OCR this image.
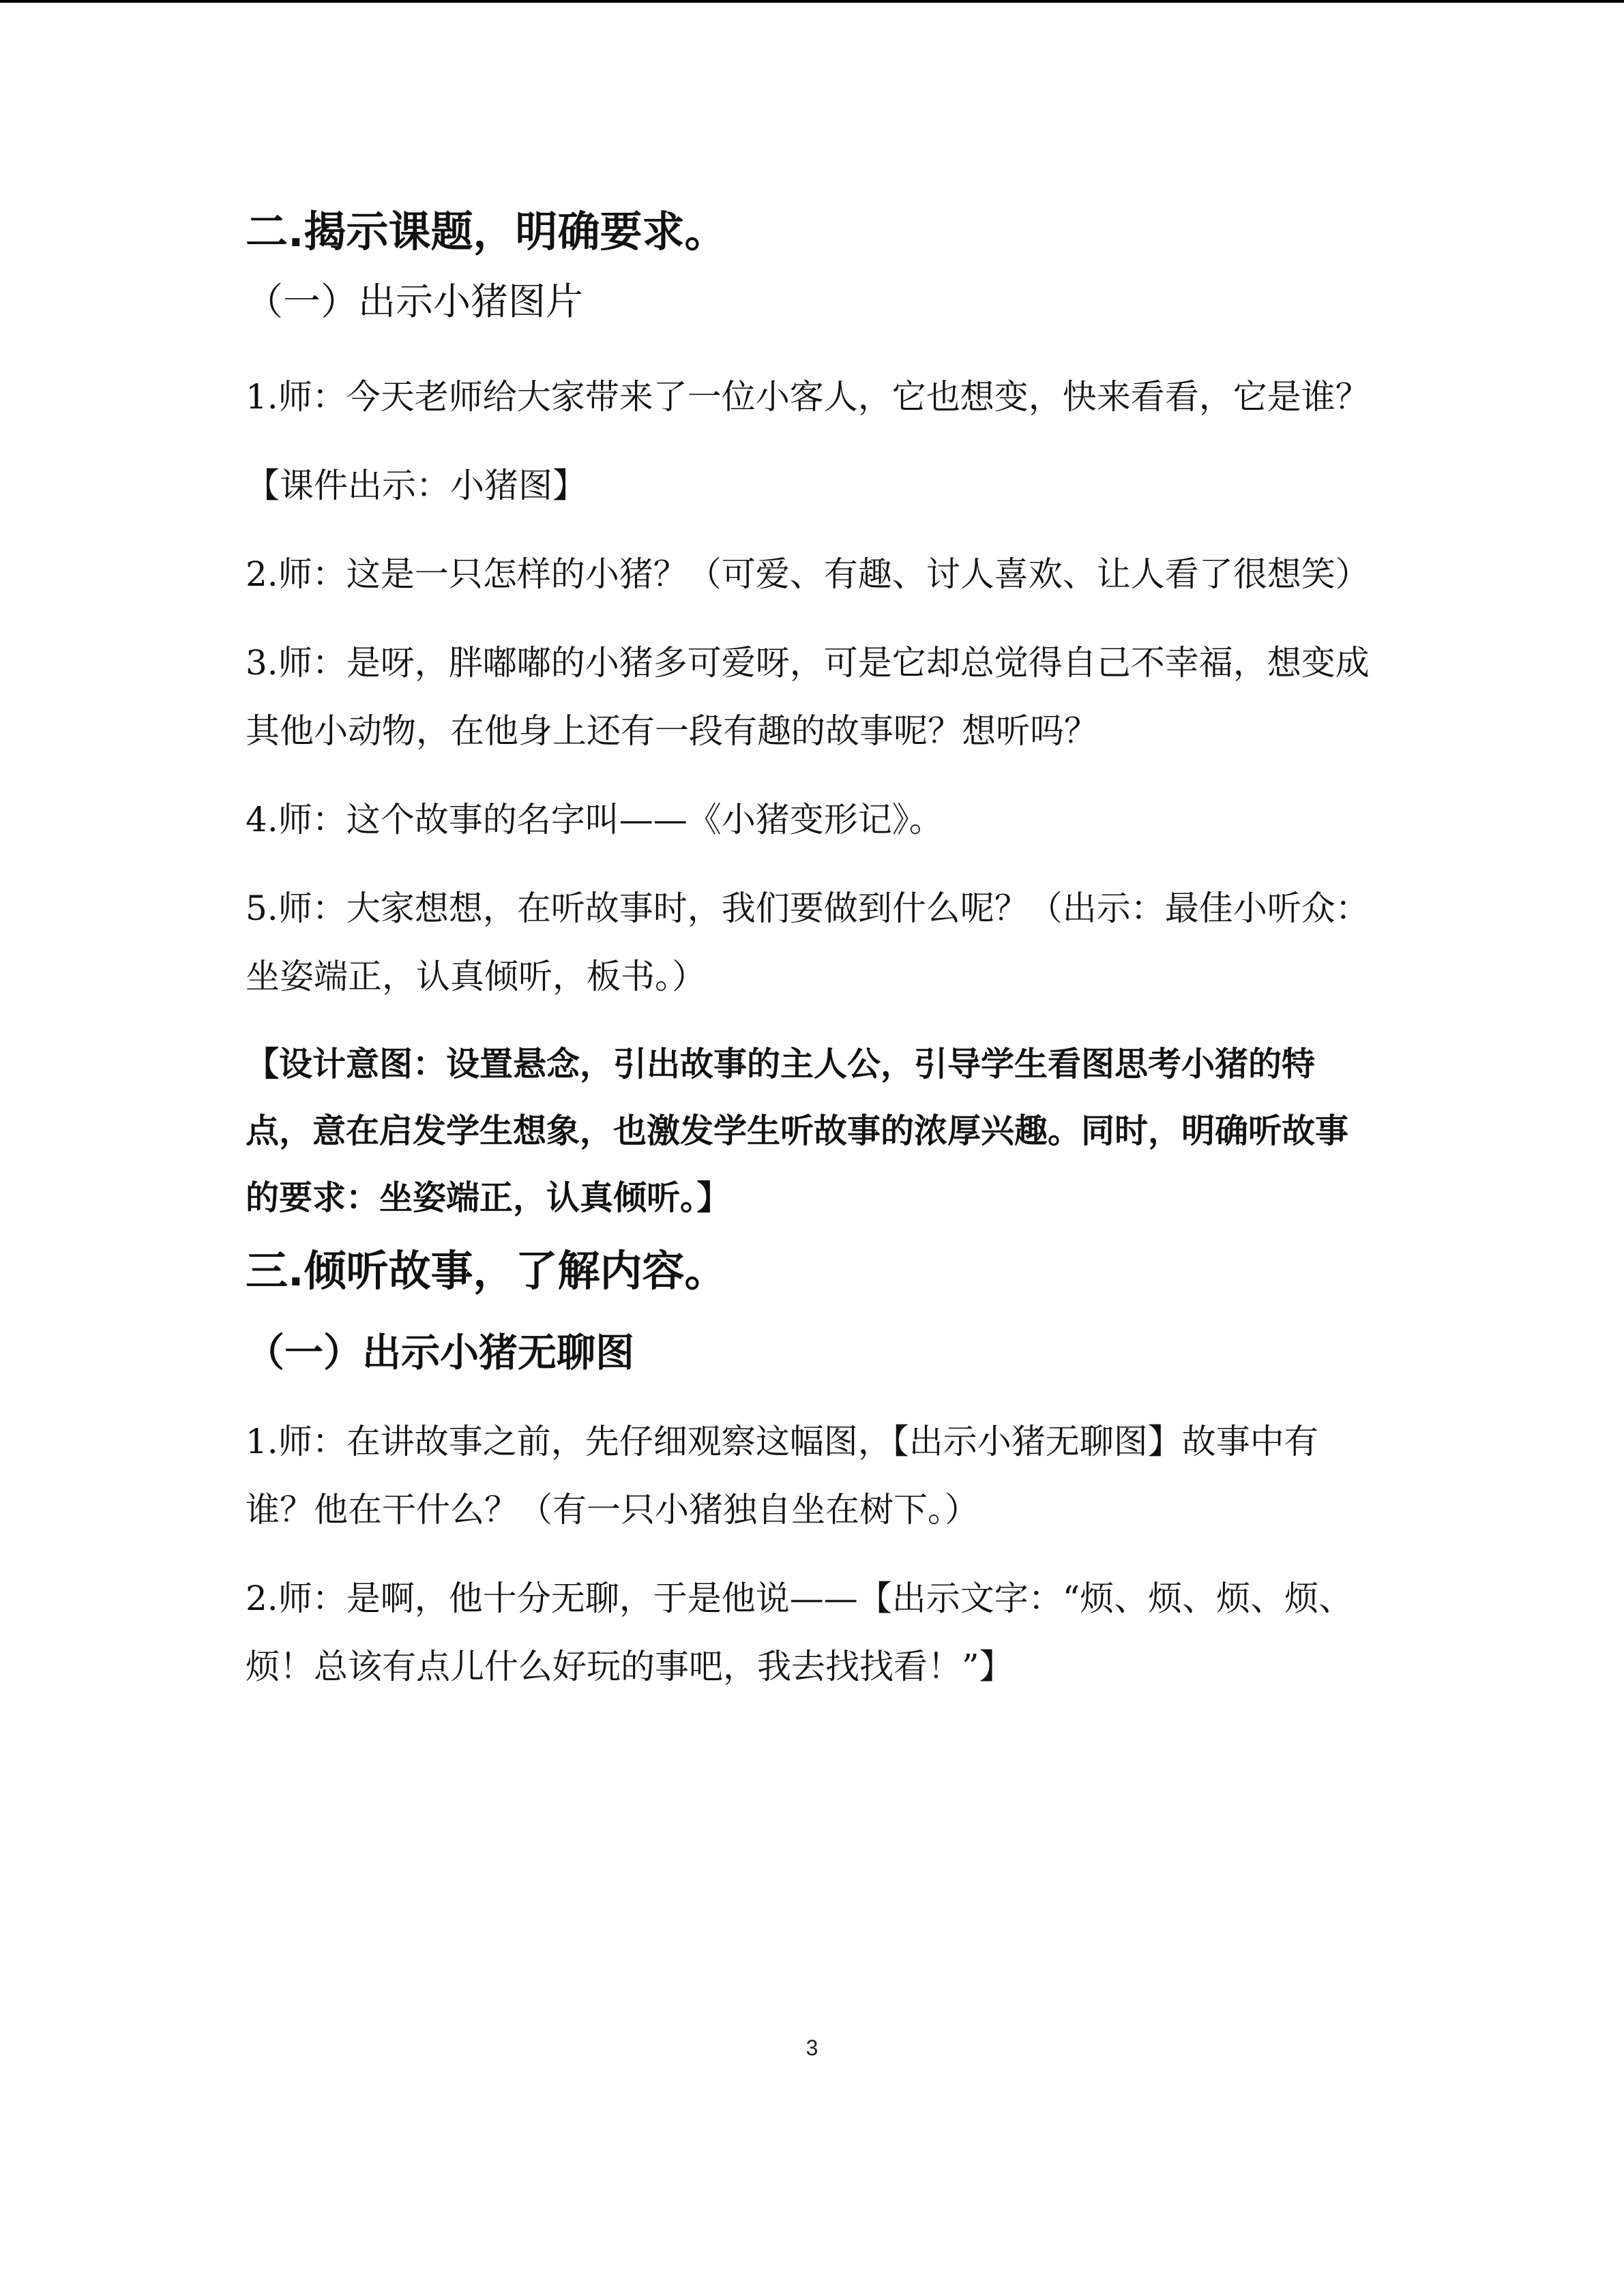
二.揭示课题，明确要求。

（一）出示小猪图片

1.师：今天老师给大家带来了一位小客人，它也想变，快来看看，它是谁？

【课件出示：小猪图】

2.师：这是一只怎样的小猪？（可爱、有趣、讨人喜欢、让人看了很想笑）

3.师：是呀，胖嘟嘟的小猪多可爱呀，可是它却总觉得自己不幸福，想变成其他小动物，在他身上还有一段有趣的故事呢？想听吗？

4.师：这个故事的名字叫——《小猪变形记》。

5.师：大家想想，在听故事时，我们要做到什么呢？（出示：最佳小听众：坐姿端正，认真倾听，板书。）

【设计意图：设置悬念，引出故事的主人公，引导学生看图思考小猪的特点，意在启发学生想象，也激发学生听故事的浓厚兴趣。同时，明确听故事的要求：坐姿端正，认真倾听。】

三.倾听故事，了解内容。

（一）出示小猪无聊图

1.师：在讲故事之前，先仔细观察这幅图，【出示小猪无聊图】故事中有谁？他在干什么？（有一只小猪独自坐在树下。）

2.师：是啊，他十分无聊，于是他说——【出示文字：“烦、烦、烦、烦、烦！总该有点儿什么好玩的事吧，我去找找看！”】

3
